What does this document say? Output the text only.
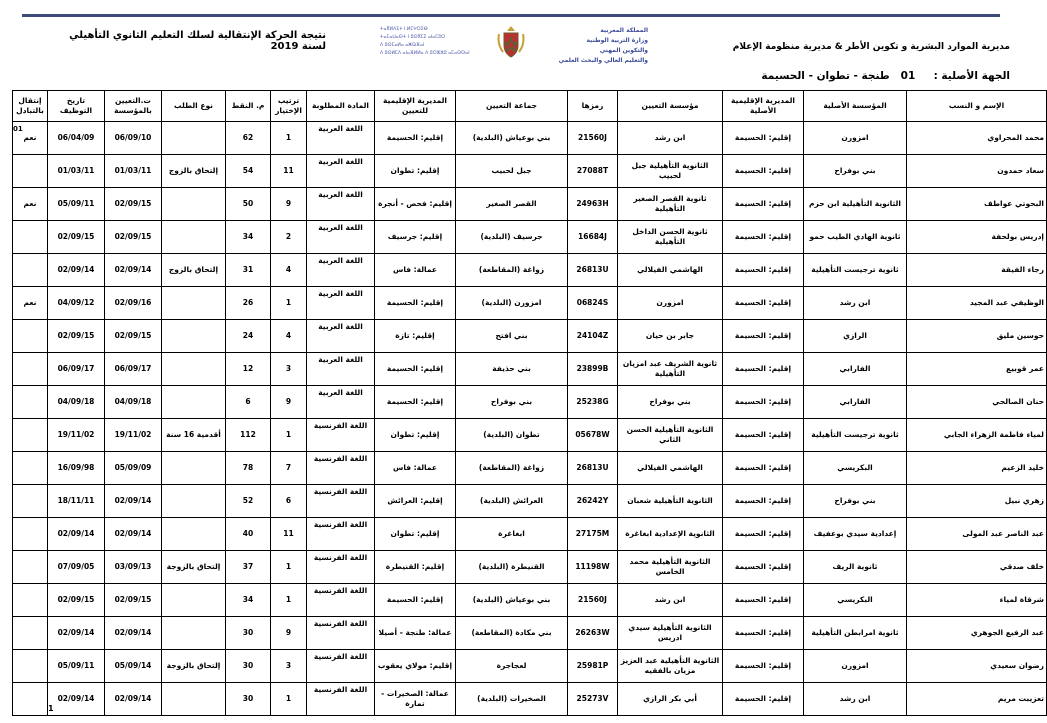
مديرية الموارد البشرية و تكوين الأطر & مديرية منظومة الإعلام
الجهة الأصلية :     01   طنجة - تطوان - الحسيمة
نتيجة الحركة الإنتقالية لسلك التعليم الثانوي التأهيلي لسنة 2019
ⵜⴰⴳⵍⴷⵉⵜ ⵏ ⵍⵎⵖⵔⵉⴱ
ⵜⴰⵎⴰⵡⴰⵙⵜ ⵏ ⵓⵙⴳⵎⵉ ⴰⵏⴰⵎⵓⵔ
ⴷ ⵓⵙⵎⴰⵍⴰ ⴰⵥⵕⴼⴰⵏ
ⴷ ⵓⵙⵍⵎⴷ ⴰⵏⴰⴼⵍⵍⴰ ⴷ ⵓⵔⵣⵣⵓ ⴰⵎⴰⵙⵙⴰⵏ
المملكة المغربية
وزارة التربية الوطنية
والتكوين المهني
والتعليم العالي والبحث العلمي
01
الإسم و النسب	المؤسسة الأصلية	المديرية الإقليمية الأصلية	مؤسسة التعيين	رمزها	جماعة التعيين	المديرية الإقليمية للتعيين	المادة المطلوبة	ترتيب الإختيار	م. النقط	نوع الطلب	ت.التعيين بالمؤسسة	تاريخ التوظيف	إنتقال بالتبادل
محمد المحراوي	امزورن	إقليم: الحسيمة	ابن رشد	21560J	بني بوعياش (البلدية)	إقليم: الحسيمة	اللغة العربية	1	62		06/09/10	06/04/09	نعم
سعاد حمدون	بني بوفراح	إقليم: الحسيمة	الثانوية التأهيلية جبل لحبيب	27088T	جبل لحبيب	إقليم: تطوان	اللغة العربية	11	54	إلتحاق بالزوج	01/03/11	01/03/11	
البحوتي عواطف	الثانوية التأهيلية ابن حزم	إقليم: الحسيمة	ثانوية القصر الصغير التأهيلية	24963H	القصر الصغير	إقليم: فحص - أنجرة	اللغة العربية	9	50		02/09/15	05/09/11	نعم
إدريس بولحفة	ثانوية الهادي الطيب حمو	إقليم: الحسيمة	ثانوية الحسن الداخل التأهيلية	16684J	جرسيف (البلدية)	إقليم: جرسيف	اللغة العربية	2	34		02/09/15	02/09/15	
رجاء الفيقة	ثانوية ترجيست التأهيلية	إقليم: الحسيمة	الهاشمي الفيلالي	26813U	زواغة (المقاطعة)	عمالة: فاس	اللغة العربية	4	31	إلتحاق بالزوج	02/09/14	02/09/14	
الوظيفي عبد المجيد	ابن رشد	إقليم: الحسيمة	امزورن	06824S	امزورن (البلدية)	إقليم: الحسيمة	اللغة العربية	1	26		02/09/16	04/09/12	نعم
حوسين مليق	الرازي	إقليم: الحسيمة	جابر بن حيان	24104Z	بني افتح	إقليم: تازة	اللغة العربية	4	24		02/09/15	02/09/15	
عمر قوبيع	الفارابي	إقليم: الحسيمة	ثانوية الشريف عبد امزيان التأهيلية	23899B	بني حذيفة	إقليم: الحسيمة	اللغة العربية	3	12		06/09/17	06/09/17	
حنان الصالحي	الفارابي	إقليم: الحسيمة	بني بوفراح	25238G	بني بوفراح	إقليم: الحسيمة	اللغة العربية	9	6		04/09/18	04/09/18	
لمياء فاطمة الزهراء الجابي	ثانوية ترجيست التأهيلية	إقليم: الحسيمة	الثانوية التأهيلية الحسن الثاني	05678W	تطوان (البلدية)	إقليم: تطوان	اللغة الفرنسية	1	112	أقدمية 16 سنة	19/11/02	19/11/02	
خليد الزعيم	البكريسي	إقليم: الحسيمة	الهاشمي الفيلالي	26813U	زواغة (المقاطعة)	عمالة: فاس	اللغة الفرنسية	7	78		05/09/09	16/09/98	
زهري نبيل	بني بوفراح	إقليم: الحسيمة	الثانوية التأهيلية شعبان	26242Y	العرائش (البلدية)	إقليم: العرائش	اللغة الفرنسية	6	52		02/09/14	18/11/11	
عبد الناصر عبد المولى	إعدادية سيدي بوعفيف	إقليم: الحسيمة	الثانوية الإعدادية ابغاغرة	27175M	ابغاغرة	إقليم: تطوان	اللغة الفرنسية	11	40		02/09/14	02/09/14	
خلف صدقي	ثانوية الريف	إقليم: الحسيمة	الثانوية التأهيلية محمد الخامس	11198W	القنيطرة (البلدية)	إقليم: القنيطرة	اللغة الفرنسية	1	37	إلتحاق بالزوجة	03/09/13	07/09/05	
شرقاة لمياء	البكريسي	إقليم: الحسيمة	ابن رشد	21560J	بني بوعياش (البلدية)	إقليم: الحسيمة	اللغة الفرنسية	1	34		02/09/15	02/09/15	
عبد الرفيع الجوهري	ثانوية امرابطن التأهيلية	إقليم: الحسيمة	الثانوية التأهيلية سيدي ادريس	26263W	بني مكادة (المقاطعة)	عمالة: طنجة - أصيلا	اللغة الفرنسية	9	30		02/09/14	02/09/14	
رضوان سعيدي	امزورن	إقليم: الحسيمة	الثانوية التأهيلية عبد العزيز مزيان بالفقيه	25981P	لعجاجرة	إقليم: مولاي يعقوب	اللغة الفرنسية	3	30	إلتحاق بالزوجة	05/09/14	05/09/11	
تعزيبت مريم	ابن رشد	إقليم: الحسيمة	أبي بكر الرازي	25273V	الصخيرات (البلدية)	عمالة: الصخيرات - تمارة	اللغة الفرنسية	1	30		02/09/14	02/09/14	
1
